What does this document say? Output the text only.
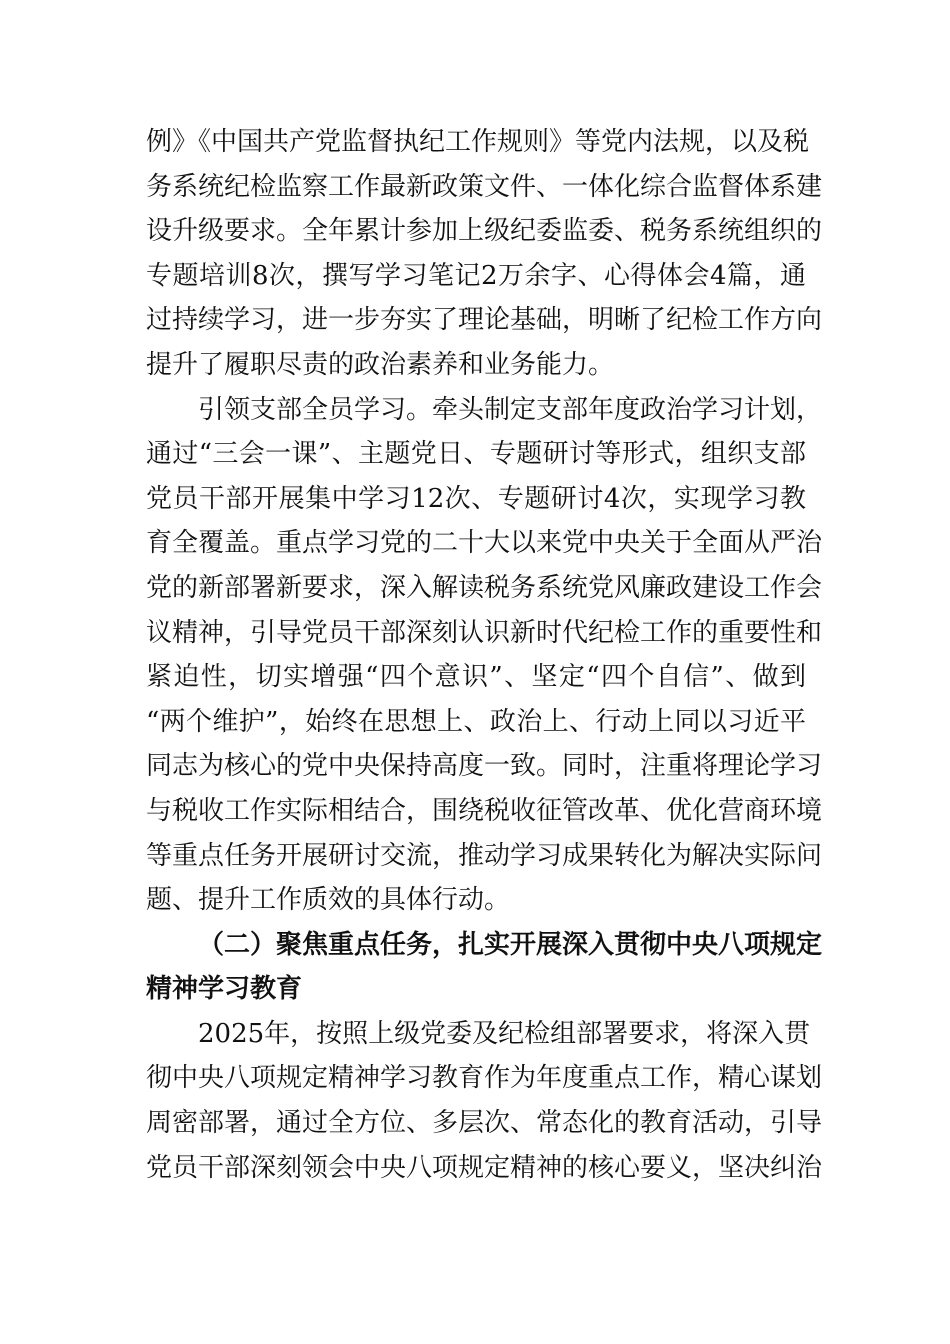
例》《中国共产党监督执纪工作规则》等党内法规，以及税
务系统纪检监察工作最新政策文件、一体化综合监督体系建
设升级要求。全年累计参加上级纪委监委、税务系统组织的
专题培训8次，撰写学习笔记2万余字、心得体会4篇，通
过持续学习，进一步夯实了理论基础，明晰了纪检工作方向
提升了履职尽责的政治素养和业务能力。
引领支部全员学习。牵头制定支部年度政治学习计划，
通过“三会一课”、主题党日、专题研讨等形式，组织支部
党员干部开展集中学习12次、专题研讨4次，实现学习教
育全覆盖。重点学习党的二十大以来党中央关于全面从严治
党的新部署新要求，深入解读税务系统党风廉政建设工作会
议精神，引导党员干部深刻认识新时代纪检工作的重要性和
紧迫性，切实增强“四个意识”、坚定“四个自信”、做到
“两个维护”，始终在思想上、政治上、行动上同以习近平
同志为核心的党中央保持高度一致。同时，注重将理论学习
与税收工作实际相结合，围绕税收征管改革、优化营商环境
等重点任务开展研讨交流，推动学习成果转化为解决实际问
题、提升工作质效的具体行动。
（二）聚焦重点任务，扎实开展深入贯彻中央八项规定
精神学习教育
2025年，按照上级党委及纪检组部署要求，将深入贯
彻中央八项规定精神学习教育作为年度重点工作，精心谋划
周密部署，通过全方位、多层次、常态化的教育活动，引导
党员干部深刻领会中央八项规定精神的核心要义，坚决纠治
